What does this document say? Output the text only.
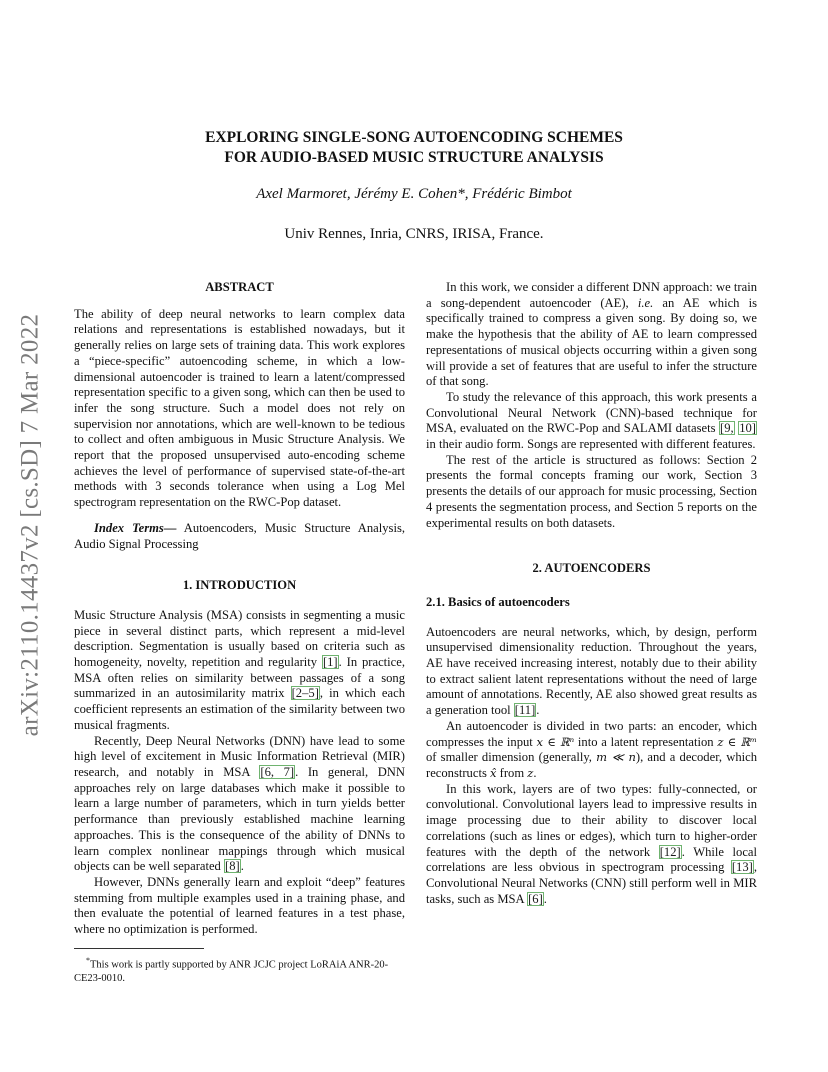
arXiv:2110.14437v2 [cs.SD] 7 Mar 2022
EXPLORING SINGLE-SONG AUTOENCODING SCHEMES
FOR AUDIO-BASED MUSIC STRUCTURE ANALYSIS
Axel Marmoret, Jérémy E. Cohen*, Frédéric Bimbot
Univ Rennes, Inria, CNRS, IRISA, France.

ABSTRACT

The ability of deep neural networks to learn complex data relations and representations is established nowadays, but it generally relies on large sets of training data. This work explores a “piece-specific” autoencoding scheme, in which a low-dimensional autoencoder is trained to learn a latent/compressed representation specific to a given song, which can then be used to infer the song structure. Such a model does not rely on supervision nor annotations, which are well-known to be tedious to collect and often ambiguous in Music Structure Analysis. We report that the proposed unsupervised auto-encoding scheme achieves the level of performance of supervised state-of-the-art methods with 3 seconds tolerance when using a Log Mel spectrogram representation on the RWC-Pop dataset.

Index Terms— Autoencoders, Music Structure Analysis, Audio Signal Processing

1. INTRODUCTION

Music Structure Analysis (MSA) consists in segmenting a music piece in several distinct parts, which represent a mid-level description. Segmentation is usually based on criteria such as homogeneity, novelty, repetition and regularity [1]. In practice, MSA often relies on similarity between passages of a song summarized in an autosimilarity matrix [2–5], in which each coefficient represents an estimation of the similarity between two musical fragments.

Recently, Deep Neural Networks (DNN) have lead to some high level of excitement in Music Information Retrieval (MIR) research, and notably in MSA [6, 7]. In general, DNN approaches rely on large databases which make it possible to learn a large number of parameters, which in turn yields better performance than previously established machine learning approaches. This is the consequence of the ability of DNNs to learn complex nonlinear mappings through which musical objects can be well separated [8].

However, DNNs generally learn and exploit “deep” features stemming from multiple examples used in a training phase, and then evaluate the potential of learned features in a test phase, where no optimization is performed.

*This work is partly supported by ANR JCJC project LoRAiA ANR-20-CE23-0010.

In this work, we consider a different DNN approach: we train a song-dependent autoencoder (AE), i.e. an AE which is specifically trained to compress a given song. By doing so, we make the hypothesis that the ability of AE to learn compressed representations of musical objects occurring within a given song will provide a set of features that are useful to infer the structure of that song.

To study the relevance of this approach, this work presents a Convolutional Neural Network (CNN)-based technique for MSA, evaluated on the RWC-Pop and SALAMI datasets [9, 10] in their audio form. Songs are represented with different features.

The rest of the article is structured as follows: Section 2 presents the formal concepts framing our work, Section 3 presents the details of our approach for music processing, Section 4 presents the segmentation process, and Section 5 reports on the experimental results on both datasets.

2. AUTOENCODERS

2.1. Basics of autoencoders

Autoencoders are neural networks, which, by design, perform unsupervised dimensionality reduction. Throughout the years, AE have received increasing interest, notably due to their ability to extract salient latent representations without the need of large amount of annotations. Recently, AE also showed great results as a generation tool [11].

An autoencoder is divided in two parts: an encoder, which compresses the input x ∈ ℝⁿ into a latent representation z ∈ ℝᵐ of smaller dimension (generally, m ≪ n), and a decoder, which reconstructs x̂ from z.

In this work, layers are of two types: fully-connected, or convolutional. Convolutional layers lead to impressive results in image processing due to their ability to discover local correlations (such as lines or edges), which turn to higher-order features with the depth of the network [12]. While local correlations are less obvious in spectrogram processing [13], Convolutional Neural Networks (CNN) still perform well in MIR tasks, such as MSA [6].
